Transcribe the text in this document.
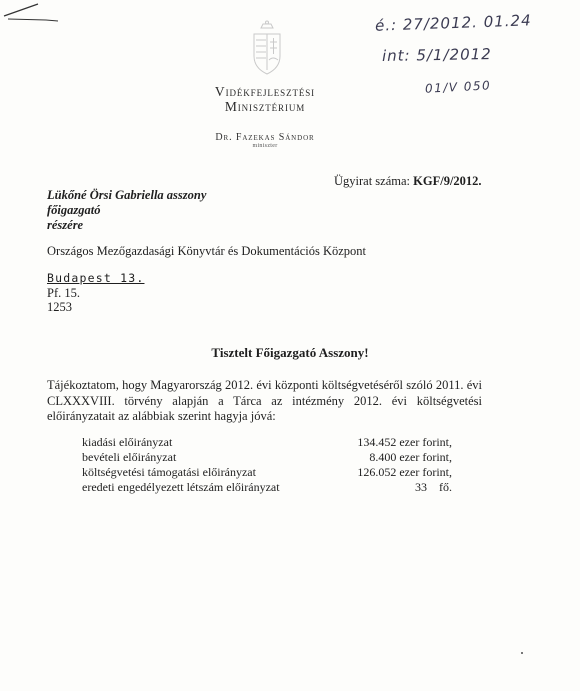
Vidékfejlesztési
Minisztérium
Dr. Fazekas Sándor
miniszter
é.: 27/2012. 01.24
int: 5/1/2012
01/V 050
Ügyirat száma: KGF/9/2012.
Lükőné Örsi Gabriella asszony
főigazgató
részére
Országos Mezőgazdasági Könyvtár és Dokumentációs Központ
Budapest 13.
Pf. 15.
1253
Tisztelt Főigazgató Asszony!
Tájékoztatom, hogy Magyarország 2012. évi központi költségvetéséről szóló 2011. évi CLXXXVIII. törvény alapján a Tárca az intézmény 2012. évi költségvetési előirányzatait az alábbiak szerint hagyja jóvá:
kiadási előirányzat	134.452 ezer forint,
bevételi előirányzat	8.400 ezer forint,
költségvetési támogatási előirányzat	126.052 ezer forint,
eredeti engedélyezett létszám előirányzat	33    fő.
